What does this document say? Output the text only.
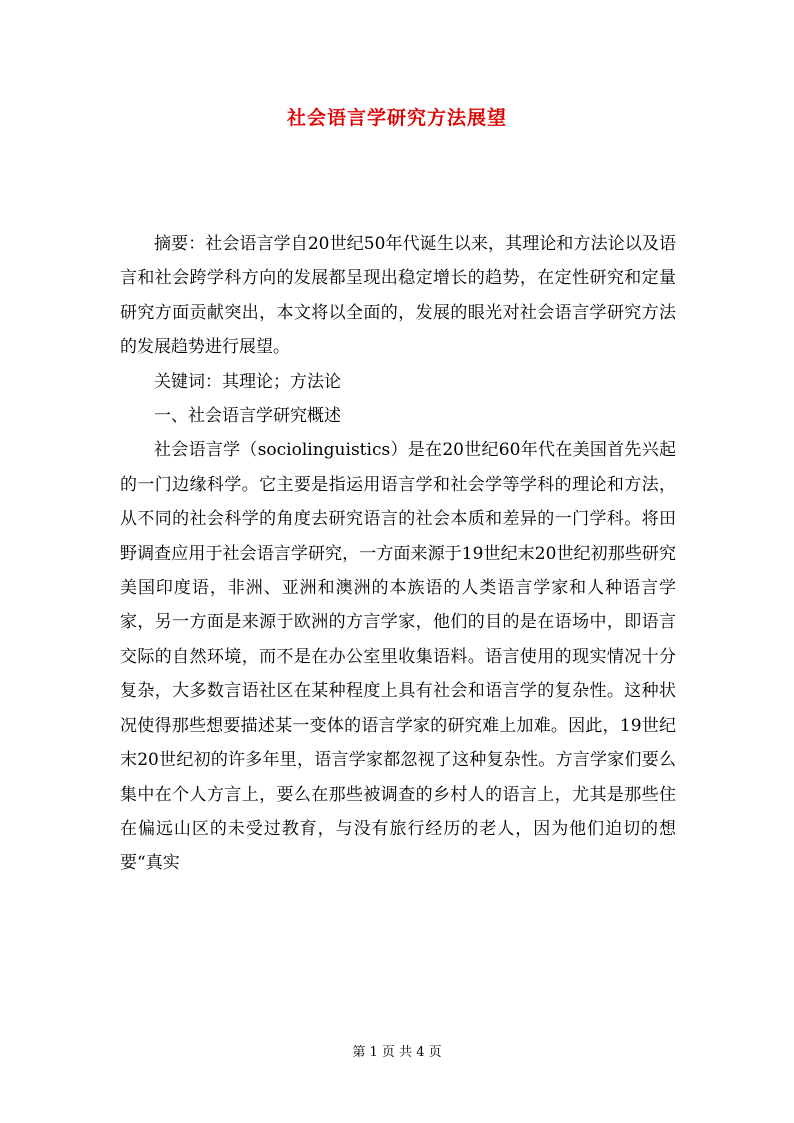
社会语言学研究方法展望

摘要：社会语言学自20世纪50年代诞生以来，其理论和方法论以及语言和社会跨学科方向的发展都呈现出稳定增长的趋势，在定性研究和定量研究方面贡献突出，本文将以全面的，发展的眼光对社会语言学研究方法的发展趋势进行展望。

关键词：其理论；方法论

一、社会语言学研究概述

社会语言学（sociolinguistics）是在20世纪60年代在美国首先兴起的一门边缘科学。它主要是指运用语言学和社会学等学科的理论和方法，从不同的社会科学的角度去研究语言的社会本质和差异的一门学科。将田野调查应用于社会语言学研究，一方面来源于19世纪末20世纪初那些研究美国印度语，非洲、亚洲和澳洲的本族语的人类语言学家和人种语言学家，另一方面是来源于欧洲的方言学家，他们的目的是在语场中，即语言交际的自然环境，而不是在办公室里收集语料。语言使用的现实情况十分复杂，大多数言语社区在某种程度上具有社会和语言学的复杂性。这种状况使得那些想要描述某一变体的语言学家的研究难上加难。因此，19世纪末20世纪初的许多年里，语言学家都忽视了这种复杂性。方言学家们要么集中在个人方言上，要么在那些被调查的乡村人的语言上，尤其是那些住在偏远山区的未受过教育，与没有旅行经历的老人，因为他们迫切的想要“真实

第 1 页 共 4 页
